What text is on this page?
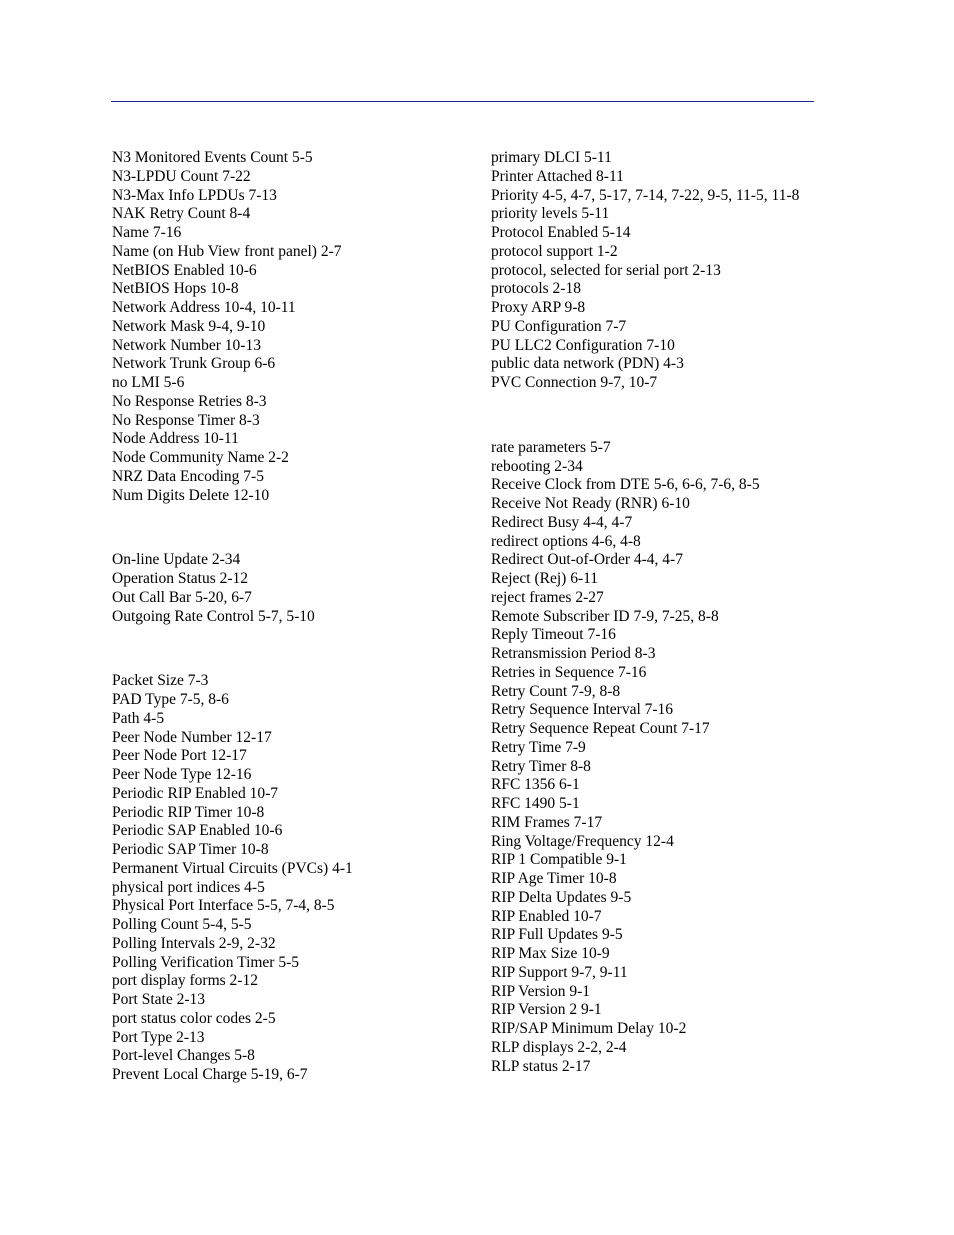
N3 Monitored Events Count 5-5
N3-LPDU Count 7-22
N3-Max Info LPDUs 7-13
NAK Retry Count 8-4
Name 7-16
Name (on Hub View front panel) 2-7
NetBIOS Enabled 10-6
NetBIOS Hops 10-8
Network Address 10-4, 10-11
Network Mask 9-4, 9-10
Network Number 10-13
Network Trunk Group 6-6
no LMI 5-6
No Response Retries 8-3
No Response Timer 8-3
Node Address 10-11
Node Community Name 2-2
NRZ Data Encoding 7-5
Num Digits Delete 12-10
On-line Update 2-34
Operation Status 2-12
Out Call Bar 5-20, 6-7
Outgoing Rate Control 5-7, 5-10
Packet Size 7-3
PAD Type 7-5, 8-6
Path 4-5
Peer Node Number 12-17
Peer Node Port 12-17
Peer Node Type 12-16
Periodic RIP Enabled 10-7
Periodic RIP Timer 10-8
Periodic SAP Enabled 10-6
Periodic SAP Timer 10-8
Permanent Virtual Circuits (PVCs) 4-1
physical port indices 4-5
Physical Port Interface 5-5, 7-4, 8-5
Polling Count 5-4, 5-5
Polling Intervals 2-9, 2-32
Polling Verification Timer 5-5
port display forms 2-12
Port State 2-13
port status color codes 2-5
Port Type 2-13
Port-level Changes 5-8
Prevent Local Charge 5-19, 6-7
primary DLCI 5-11
Printer Attached 8-11
Priority 4-5, 4-7, 5-17, 7-14, 7-22, 9-5, 11-5, 11-8
priority levels 5-11
Protocol Enabled 5-14
protocol support 1-2
protocol, selected for serial port 2-13
protocols 2-18
Proxy ARP 9-8
PU Configuration 7-7
PU LLC2 Configuration 7-10
public data network (PDN) 4-3
PVC Connection 9-7, 10-7
rate parameters 5-7
rebooting 2-34
Receive Clock from DTE 5-6, 6-6, 7-6, 8-5
Receive Not Ready (RNR) 6-10
Redirect Busy 4-4, 4-7
redirect options 4-6, 4-8
Redirect Out-of-Order 4-4, 4-7
Reject (Rej) 6-11
reject frames 2-27
Remote Subscriber ID 7-9, 7-25, 8-8
Reply Timeout 7-16
Retransmission Period 8-3
Retries in Sequence 7-16
Retry Count 7-9, 8-8
Retry Sequence Interval 7-16
Retry Sequence Repeat Count 7-17
Retry Time 7-9
Retry Timer 8-8
RFC 1356 6-1
RFC 1490 5-1
RIM Frames 7-17
Ring Voltage/Frequency 12-4
RIP 1 Compatible 9-1
RIP Age Timer 10-8
RIP Delta Updates 9-5
RIP Enabled 10-7
RIP Full Updates 9-5
RIP Max Size 10-9
RIP Support 9-7, 9-11
RIP Version 9-1
RIP Version 2 9-1
RIP/SAP Minimum Delay 10-2
RLP displays 2-2, 2-4
RLP status 2-17
